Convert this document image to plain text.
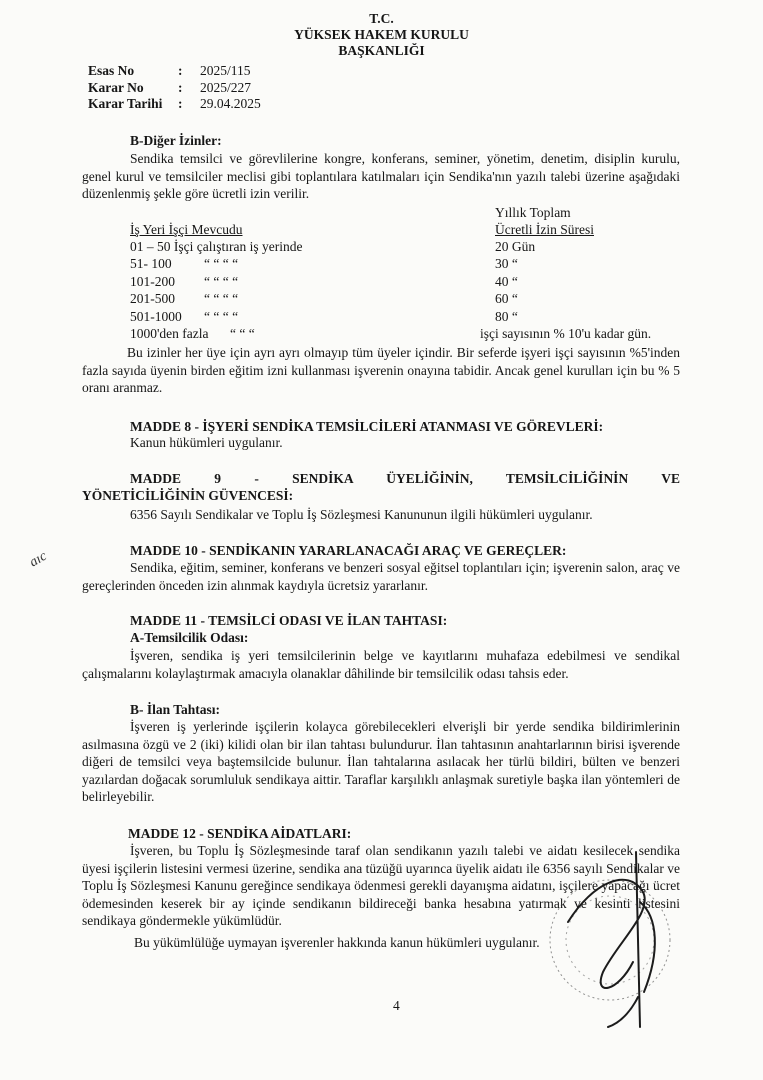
T.C.
YÜKSEK HAKEM KURULU
BAŞKANLIĞI
Esas No	:	2025/115
Karar No	:	2025/227
Karar Tarihi	:	29.04.2025
B-Diğer İzinler:

Sendika temsilci ve görevlilerine kongre, konferans, seminer, yönetim, denetim, disiplin kurulu, genel kurul ve temsilciler meclisi gibi toplantılara katılmaları için Sendika'nın yazılı talebi üzerine aşağıdaki düzenlenmiş şekle göre ücretli izin verilir.

Yıllık Toplam
İş Yeri İşçi Mevcudu	Ücretli İzin Süresi
01 – 50 İşçi çalıştıran iş yerinde	20 Gün
51- 100 “ “ “ “	30 “
101-200 “ “ “ “	40 “
201-500 “ “ “ “	60 “
501-1000 “ “ “ “	80 “
1000'den fazla “ “ “	işçi sayısının % 10'u kadar gün.

Bu izinler her üye için ayrı ayrı olmayıp tüm üyeler içindir. Bir seferde işyeri işçi sayısının %5'inden fazla sayıda üyenin birden eğitim izni kullanması işverenin onayına tabidir. Ancak genel kurulları için bu % 5 oranı aranmaz.

MADDE 8 - İŞYERİ SENDİKA TEMSİLCİLERİ ATANMASI VE GÖREVLERİ:
Kanun hükümleri uygulanır.
MADDE 9 - SENDİKA ÜYELİĞİNİN, TEMSİLCİLİĞİNİN VE
YÖNETİCİLİĞİNİN GÜVENCESİ:
6356 Sayılı Sendikalar ve Toplu İş Sözleşmesi Kanununun ilgili hükümleri uygulanır.
MADDE 10 - SENDİKANIN YARARLANACAĞI ARAÇ VE GEREÇLER:

Sendika, eğitim, seminer, konferans ve benzeri sosyal eğitsel toplantıları için; işverenin salon, araç ve gereçlerinden önceden izin alınmak kaydıyla ücretsiz yararlanır.

MADDE 11 - TEMSİLCİ ODASI VE İLAN TAHTASI:
A-Temsilcilik Odası:

İşveren, sendika iş yeri temsilcilerinin belge ve kayıtlarını muhafaza edebilmesi ve sendikal çalışmalarını kolaylaştırmak amacıyla olanaklar dâhilinde bir temsilcilik odası tahsis eder.

B- İlan Tahtası:

İşveren iş yerlerinde işçilerin kolayca görebilecekleri elverişli bir yerde sendika bildirimlerinin asılmasına özgü ve 2 (iki) kilidi olan bir ilan tahtası bulundurur. İlan tahtasının anahtarlarının birisi işverende diğeri de temsilci veya baştemsilcide bulunur. İlan tahtalarına asılacak her türlü bildiri, bülten ve benzeri yazılardan doğacak sorumluluk sendikaya aittir. Taraflar karşılıklı anlaşmak suretiyle başka ilan yöntemleri de belirleyebilir.

MADDE 12 - SENDİKA AİDATLARI:

İşveren, bu Toplu İş Sözleşmesinde taraf olan sendikanın yazılı talebi ve aidatı kesilecek sendika üyesi işçilerin listesini vermesi üzerine, sendika ana tüzüğü uyarınca üyelik aidatı ile 6356 sayılı Sendikalar ve Toplu İş Sözleşmesi Kanunu gereğince sendikaya ödenmesi gerekli dayanışma aidatını, işçilere yapacağı ücret ödemesinden keserek bir ay içinde sendikanın bildireceği banka hesabına yatırmak ve kesinti listesini sendikaya göndermekle yükümlüdür.

Bu yükümlülüğe uymayan işverenler hakkında kanun hükümleri uygulanır.
4
aıc
